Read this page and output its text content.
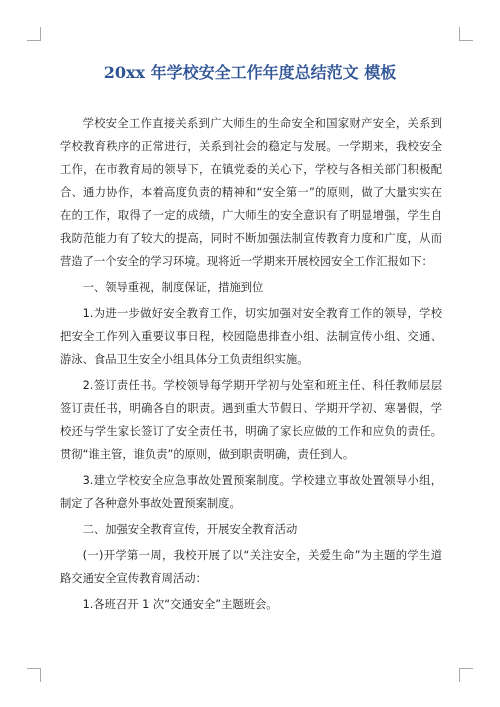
20xx 年学校安全工作年度总结范文 模板

学校安全工作直接关系到广大师生的生命安全和国家财产安全，关系到学校教育秩序的正常进行，关系到社会的稳定与发展。一学期来，我校安全工作，在市教育局的领导下，在镇党委的关心下，学校与各相关部门积极配合、通力协作，本着高度负责的精神和“安全第一”的原则，做了大量实实在在的工作，取得了一定的成绩，广大师生的安全意识有了明显增强，学生自我防范能力有了较大的提高，同时不断加强法制宣传教育力度和广度，从而营造了一个安全的学习环境。现将近一学期来开展校园安全工作汇报如下：

一、领导重视，制度保证，措施到位

1.为进一步做好安全教育工作，切实加强对安全教育工作的领导，学校把安全工作列入重要议事日程，校园隐患排查小组、法制宣传小组、交通、游泳、食品卫生安全小组具体分工负责组织实施。

2.签订责任书。学校领导每学期开学初与处室和班主任、科任教师层层签订责任书，明确各自的职责。遇到重大节假日、学期开学初、寒暑假，学校还与学生家长签订了安全责任书，明确了家长应做的工作和应负的责任。贯彻“谁主管，谁负责”的原则，做到职责明确，责任到人。

3.建立学校安全应急事故处置预案制度。学校建立事故处置领导小组，制定了各种意外事故处置预案制度。

二、加强安全教育宣传，开展安全教育活动

(一)开学第一周，我校开展了以“关注安全，关爱生命”为主题的学生道路交通安全宣传教育周活动：

1.各班召开 1 次“交通安全”主题班会。
